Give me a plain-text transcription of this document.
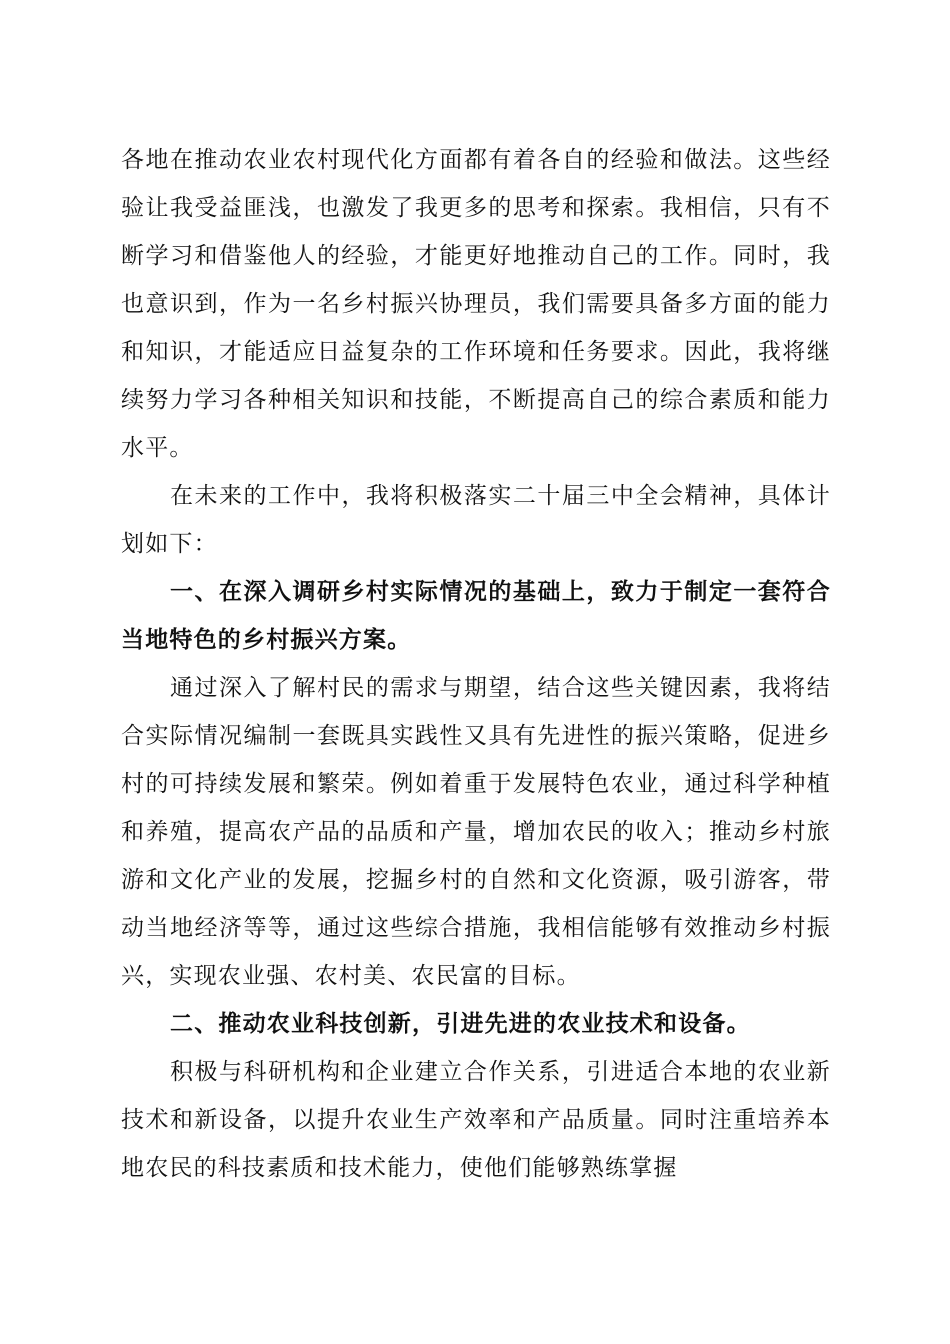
各地在推动农业农村现代化方面都有着各自的经验和做法。这些经验让我受益匪浅，也激发了我更多的思考和探索。我相信，只有不断学习和借鉴他人的经验，才能更好地推动自己的工作。同时，我也意识到，作为一名乡村振兴协理员，我们需要具备多方面的能力和知识，才能适应日益复杂的工作环境和任务要求。因此，我将继续努力学习各种相关知识和技能，不断提高自己的综合素质和能力水平。

在未来的工作中，我将积极落实二十届三中全会精神，具体计划如下：

一、在深入调研乡村实际情况的基础上，致力于制定一套符合当地特色的乡村振兴方案。

通过深入了解村民的需求与期望，结合这些关键因素，我将结合实际情况编制一套既具实践性又具有先进性的振兴策略，促进乡村的可持续发展和繁荣。例如着重于发展特色农业，通过科学种植和养殖，提高农产品的品质和产量，增加农民的收入；推动乡村旅游和文化产业的发展，挖掘乡村的自然和文化资源，吸引游客，带动当地经济等等，通过这些综合措施，我相信能够有效推动乡村振兴，实现农业强、农村美、农民富的目标。

二、推动农业科技创新，引进先进的农业技术和设备。

积极与科研机构和企业建立合作关系，引进适合本地的农业新技术和新设备，以提升农业生产效率和产品质量。同时注重培养本地农民的科技素质和技术能力，使他们能够熟练掌握
